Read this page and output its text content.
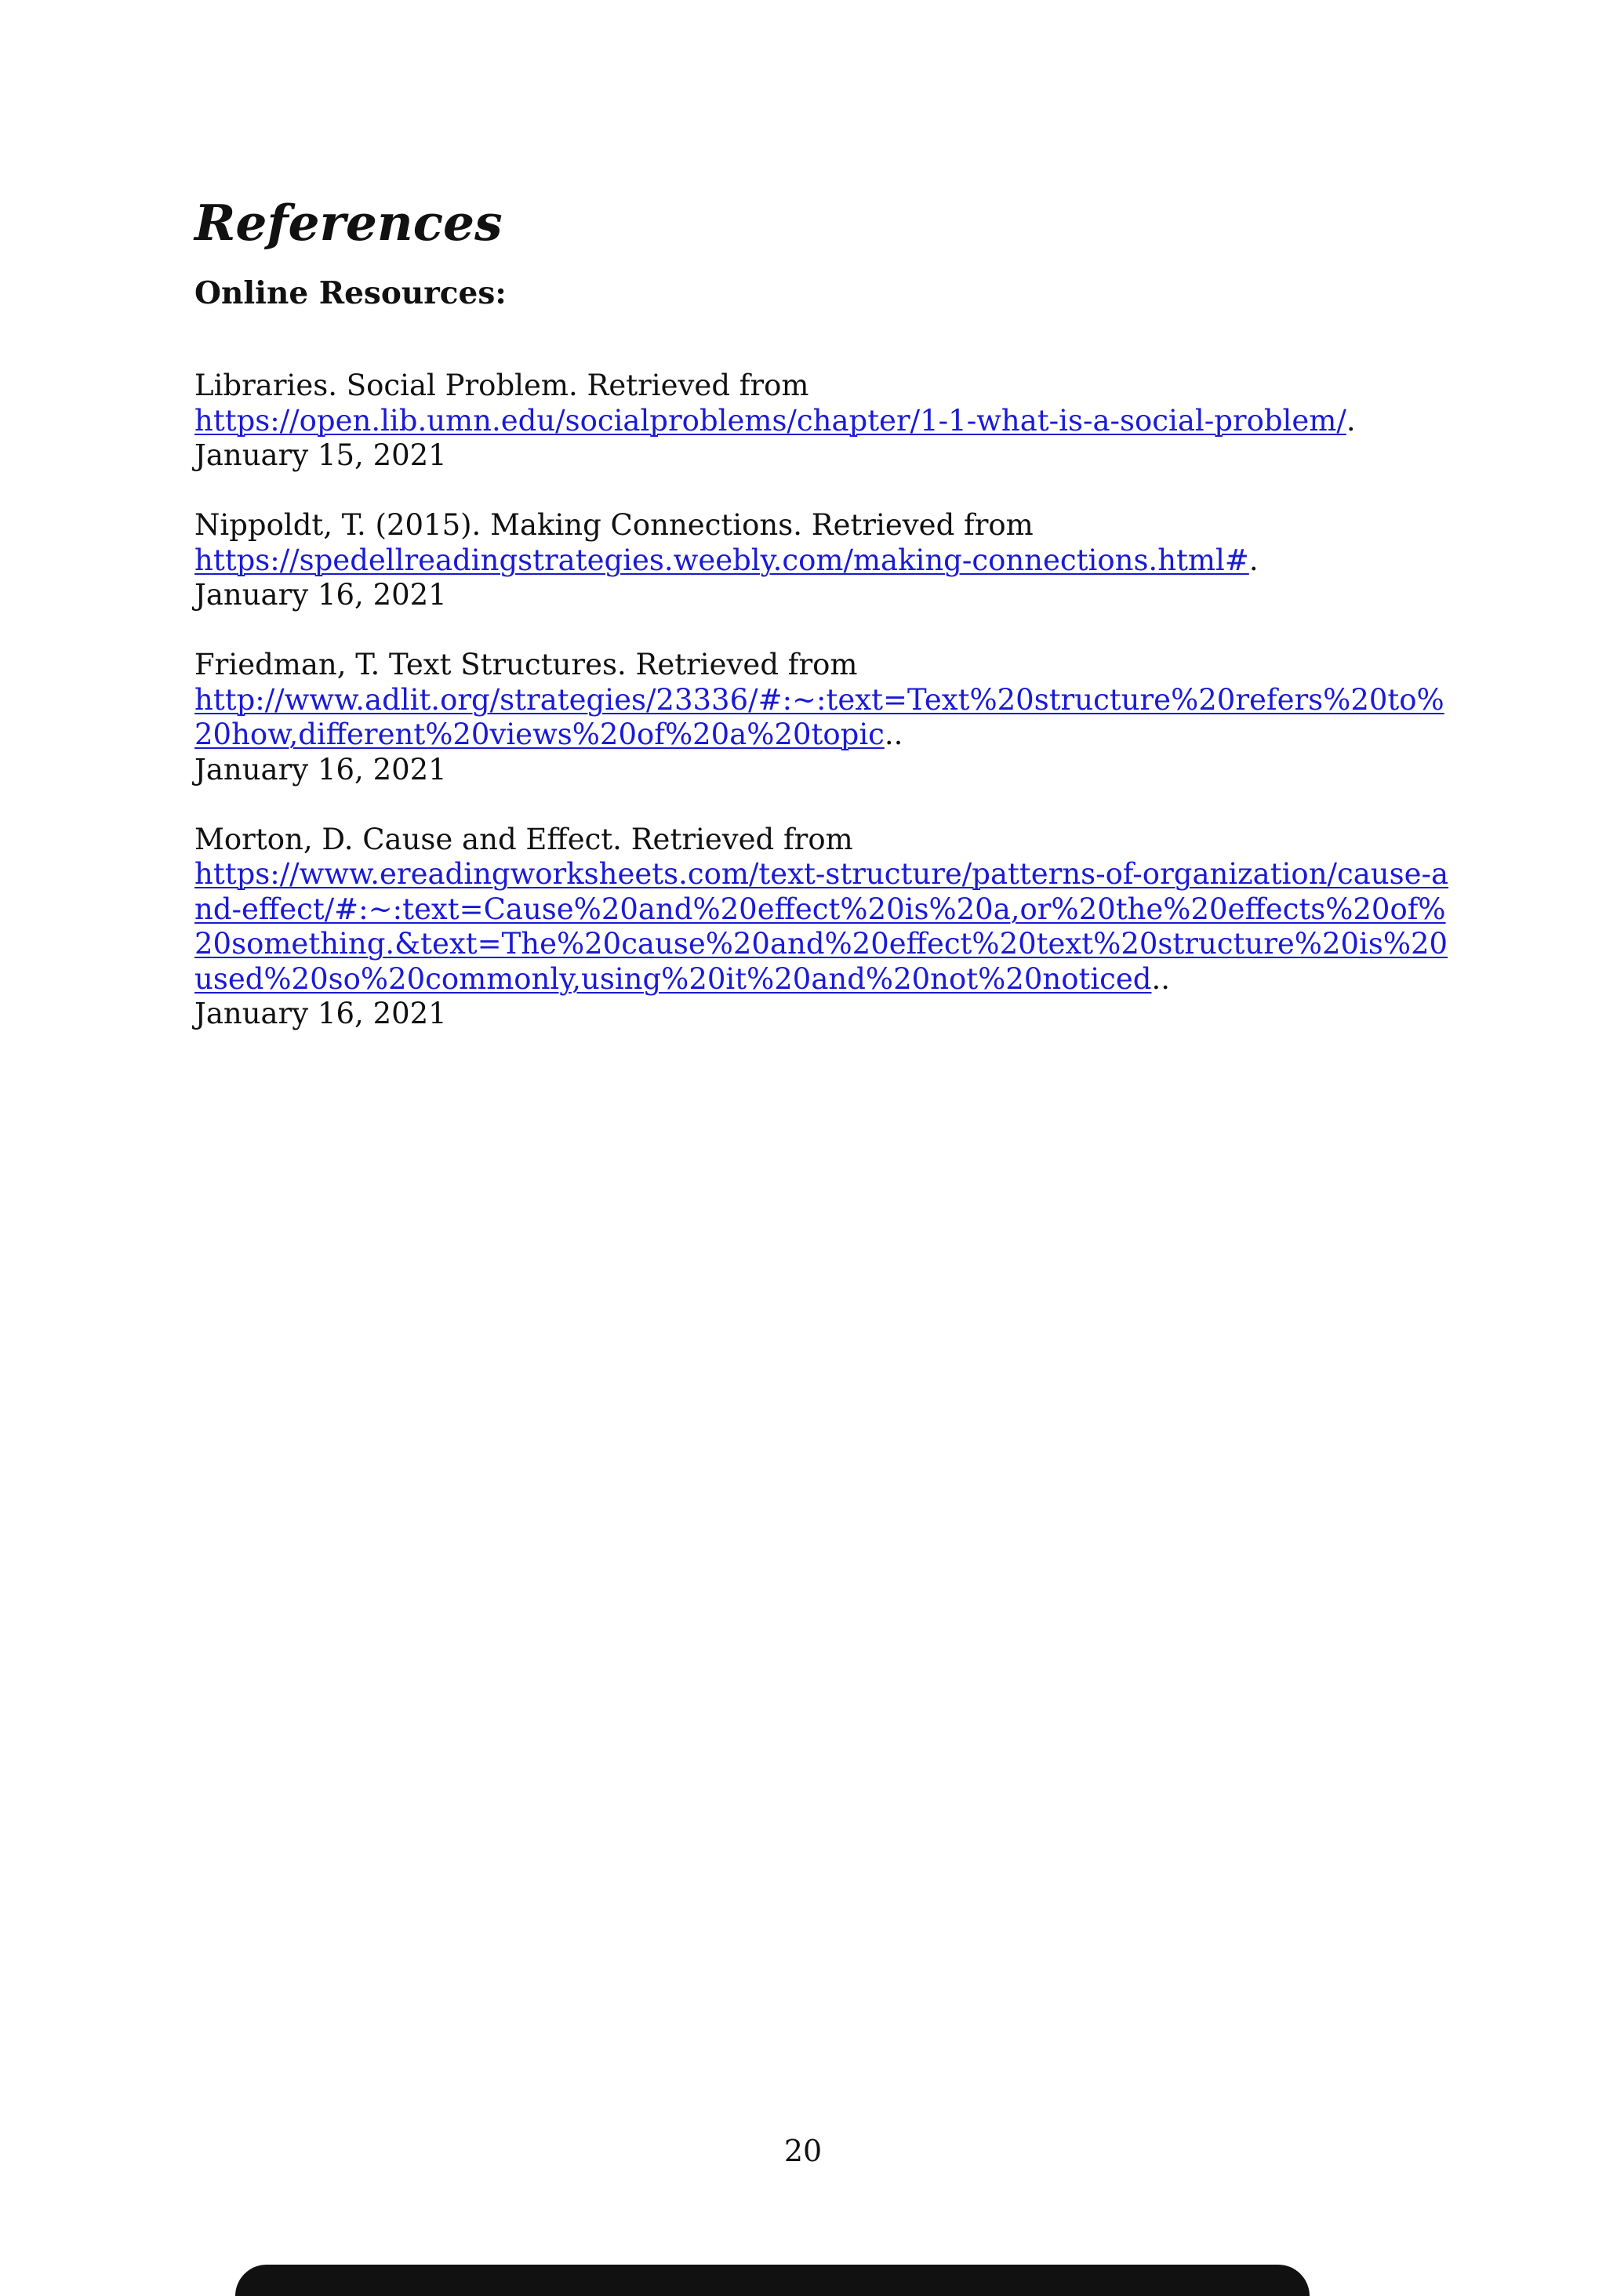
References
Online Resources:
Libraries. Social Problem. Retrieved from
https://open.lib.umn.edu/socialproblems/chapter/1-1-what-is-a-social-problem/.
January 15, 2021
Nippoldt, T. (2015). Making Connections. Retrieved from
https://spedellreadingstrategies.weebly.com/making-connections.html#.
January 16, 2021
Friedman, T. Text Structures. Retrieved from
http://www.adlit.org/strategies/23336/#:~:text=Text%20structure%20refers%20to%20how,different%20views%20of%20a%20topic..
January 16, 2021
Morton, D. Cause and Effect. Retrieved from
https://www.ereadingworksheets.com/text-structure/patterns-of-organization/cause-and-effect/#:~:text=Cause%20and%20effect%20is%20a,or%20the%20effects%20of%20something.&text=The%20cause%20and%20effect%20text%20structure%20is%20used%20so%20commonly,using%20it%20and%20not%20noticed..
January 16, 2021
20
